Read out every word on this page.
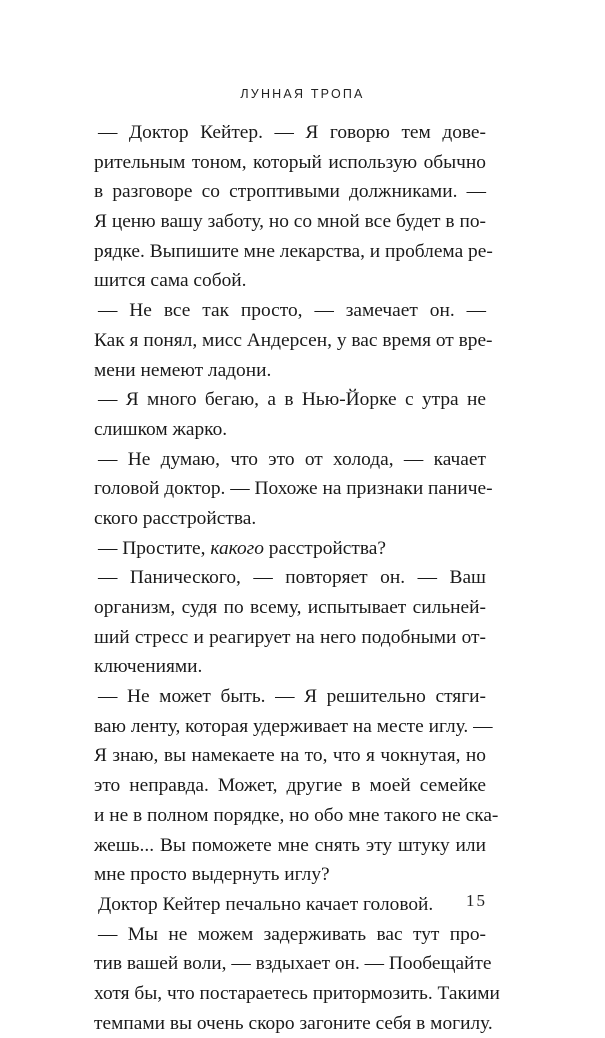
ЛУННАЯ ТРОПА
— Доктор Кейтер. — Я говорю тем дове-
рительным тоном, который использую обычно
в разговоре со строптивыми должниками. —
Я ценю вашу заботу, но со мной все будет в по-
рядке. Выпишите мне лекарства, и проблема ре-
шится сама собой.
— Не все так просто, — замечает он. —
Как я понял, мисс Андерсен, у вас время от вре-
мени немеют ладони.
— Я много бегаю, а в Нью-Йорке с утра не
слишком жарко.
— Не думаю, что это от холода, — качает
головой доктор. — Похоже на признаки паниче-
ского расстройства.
— Простите, какого расстройства?
— Панического, — повторяет он. — Ваш
организм, судя по всему, испытывает сильней-
ший стресс и реагирует на него подобными от-
ключениями.
— Не может быть. — Я решительно стяги-
ваю ленту, которая удерживает на месте иглу. —
Я знаю, вы намекаете на то, что я чокнутая, но
это неправда. Может, другие в моей семейке
и не в полном порядке, но обо мне такого не ска-
жешь... Вы поможете мне снять эту штуку или
мне просто выдернуть иглу?
Доктор Кейтер печально качает головой.
— Мы не можем задерживать вас тут про-
тив вашей воли, — вздыхает он. — Пообещайте
хотя бы, что постараетесь притормозить. Такими
темпами вы очень скоро загоните себя в могилу.
15
